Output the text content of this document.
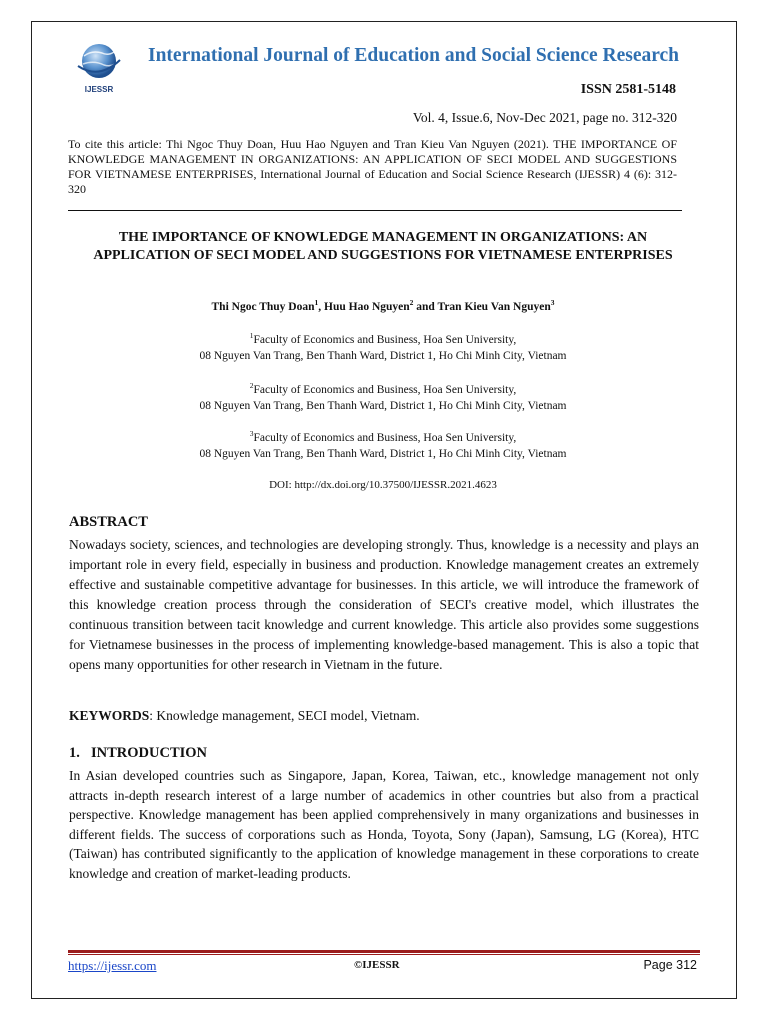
IJESSR
International Journal of Education and Social Science Research
ISSN 2581-5148
Vol. 4, Issue.6, Nov-Dec 2021, page no. 312-320
To cite this article: Thi Ngoc Thuy Doan, Huu Hao Nguyen and Tran Kieu Van Nguyen (2021). THE IMPORTANCE OF KNOWLEDGE MANAGEMENT IN ORGANIZATIONS: AN APPLICATION OF SECI MODEL AND SUGGESTIONS FOR VIETNAMESE ENTERPRISES, International Journal of Education and Social Science Research (IJESSR) 4 (6): 312-320
THE IMPORTANCE OF KNOWLEDGE MANAGEMENT IN ORGANIZATIONS: AN APPLICATION OF SECI MODEL AND SUGGESTIONS FOR VIETNAMESE ENTERPRISES
Thi Ngoc Thuy Doan$^1$, Huu Hao Nguyen$^2$ and Tran Kieu Van Nguyen$^3$
$^1$Faculty of Economics and Business, Hoa Sen University,
08 Nguyen Van Trang, Ben Thanh Ward, District 1, Ho Chi Minh City, Vietnam
$^2$Faculty of Economics and Business, Hoa Sen University,
08 Nguyen Van Trang, Ben Thanh Ward, District 1, Ho Chi Minh City, Vietnam
$^3$Faculty of Economics and Business, Hoa Sen University,
08 Nguyen Van Trang, Ben Thanh Ward, District 1, Ho Chi Minh City, Vietnam
DOI: http://dx.doi.org/10.37500/IJESSR.2021.4623
ABSTRACT
Nowadays society, sciences, and technologies are developing strongly. Thus, knowledge is a necessity and plays an important role in every field, especially in business and production. Knowledge management creates an extremely effective and sustainable competitive advantage for businesses. In this article, we will introduce the framework of this knowledge creation process through the consideration of SECI's creative model, which illustrates the continuous transition between tacit knowledge and current knowledge. This article also provides some suggestions for Vietnamese businesses in the process of implementing knowledge-based management. This is also a topic that opens many opportunities for other research in Vietnam in the future.
KEYWORDS: Knowledge management, SECI model, Vietnam.
1. INTRODUCTION
In Asian developed countries such as Singapore, Japan, Korea, Taiwan, etc., knowledge management not only attracts in-depth research interest of a large number of academics in other countries but also from a practical perspective. Knowledge management has been applied comprehensively in many organizations and businesses in different fields. The success of corporations such as Honda, Toyota, Sony (Japan), Samsung, LG (Korea), HTC (Taiwan) has contributed significantly to the application of knowledge management in these corporations to create knowledge and creation of market-leading products.
https://ijessr.com	©IJESSR	Page 312
